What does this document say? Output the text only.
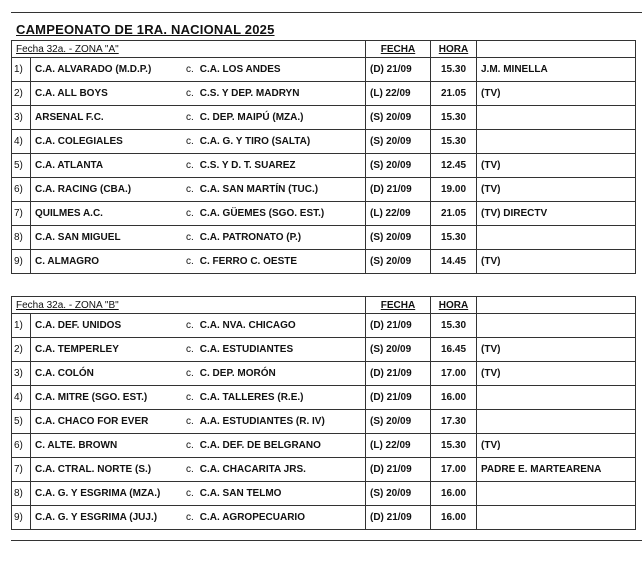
CAMPEONATO DE 1RA. NACIONAL 2025
Fecha 32a. - ZONA "A"			FECHA	HORA	
1)	C.A. ALVARADO (M.D.P.)	c. C.A. LOS ANDES	(D) 21/09	15.30	J.M. MINELLA
2)	C.A. ALL BOYS	c. C.S. Y DEP. MADRYN	(L) 22/09	21.05	(TV)
3)	ARSENAL F.C.	c. C. DEP. MAIPÚ (MZA.)	(S) 20/09	15.30	
4)	C.A. COLEGIALES	c. C.A. G. Y TIRO (SALTA)	(S) 20/09	15.30	
5)	C.A. ATLANTA	c. C.S. Y D. T. SUAREZ	(S) 20/09	12.45	(TV)
6)	C.A. RACING (CBA.)	c. C.A. SAN MARTÍN (TUC.)	(D) 21/09	19.00	(TV)
7)	QUILMES A.C.	c. C.A. GÜEMES (SGO. EST.)	(L) 22/09	21.05	(TV) DIRECTV
8)	C.A. SAN MIGUEL	c. C.A. PATRONATO (P.)	(S) 20/09	15.30	
9)	C. ALMAGRO	c. C. FERRO C. OESTE	(S) 20/09	14.45	(TV)
Fecha 32a. - ZONA "B"			FECHA	HORA	
1)	C.A. DEF. UNIDOS	c. C.A. NVA. CHICAGO	(D) 21/09	15.30	
2)	C.A. TEMPERLEY	c. C.A. ESTUDIANTES	(S) 20/09	16.45	(TV)
3)	C.A. COLÓN	c. C. DEP. MORÓN	(D) 21/09	17.00	(TV)
4)	C.A. MITRE (SGO. EST.)	c. C.A. TALLERES (R.E.)	(D) 21/09	16.00	
5)	C.A. CHACO FOR EVER	c. A.A. ESTUDIANTES (R. IV)	(S) 20/09	17.30	
6)	C. ALTE. BROWN	c. C.A. DEF. DE BELGRANO	(L) 22/09	15.30	(TV)
7)	C.A. CTRAL. NORTE (S.)	c. C.A. CHACARITA JRS.	(D) 21/09	17.00	PADRE E. MARTEARENA
8)	C.A. G. Y ESGRIMA (MZA.)	c. C.A. SAN TELMO	(S) 20/09	16.00	
9)	C.A. G. Y ESGRIMA (JUJ.)	c. C.A. AGROPECUARIO	(D) 21/09	16.00	
